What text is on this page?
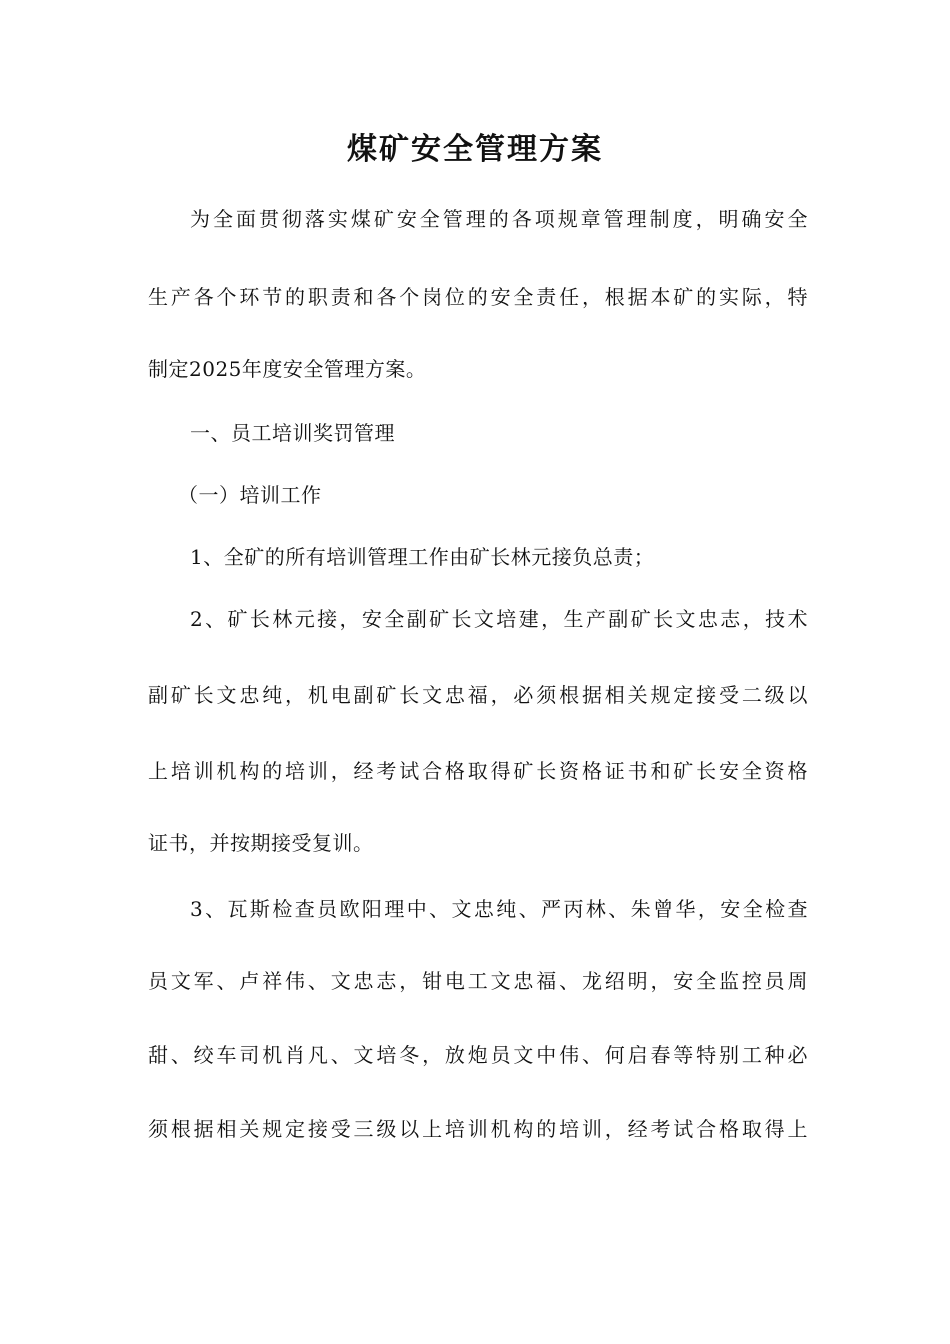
煤矿安全管理方案

为全面贯彻落实煤矿安全管理的各项规章管理制度，明确安全

生产各个环节的职责和各个岗位的安全责任，根据本矿的实际，特

制定2025年度安全管理方案。

一、员工培训奖罚管理

（一）培训工作

1、全矿的所有培训管理工作由矿长林元接负总责；

2、矿长林元接，安全副矿长文培建，生产副矿长文忠志，技术

副矿长文忠纯，机电副矿长文忠福，必须根据相关规定接受二级以

上培训机构的培训，经考试合格取得矿长资格证书和矿长安全资格

证书，并按期接受复训。

3、瓦斯检查员欧阳理中、文忠纯、严丙林、朱曾华，安全检查

员文军、卢祥伟、文忠志，钳电工文忠福、龙绍明，安全监控员周

甜、绞车司机肖凡、文培冬，放炮员文中伟、何启春等特别工种必

须根据相关规定接受三级以上培训机构的培训，经考试合格取得上
